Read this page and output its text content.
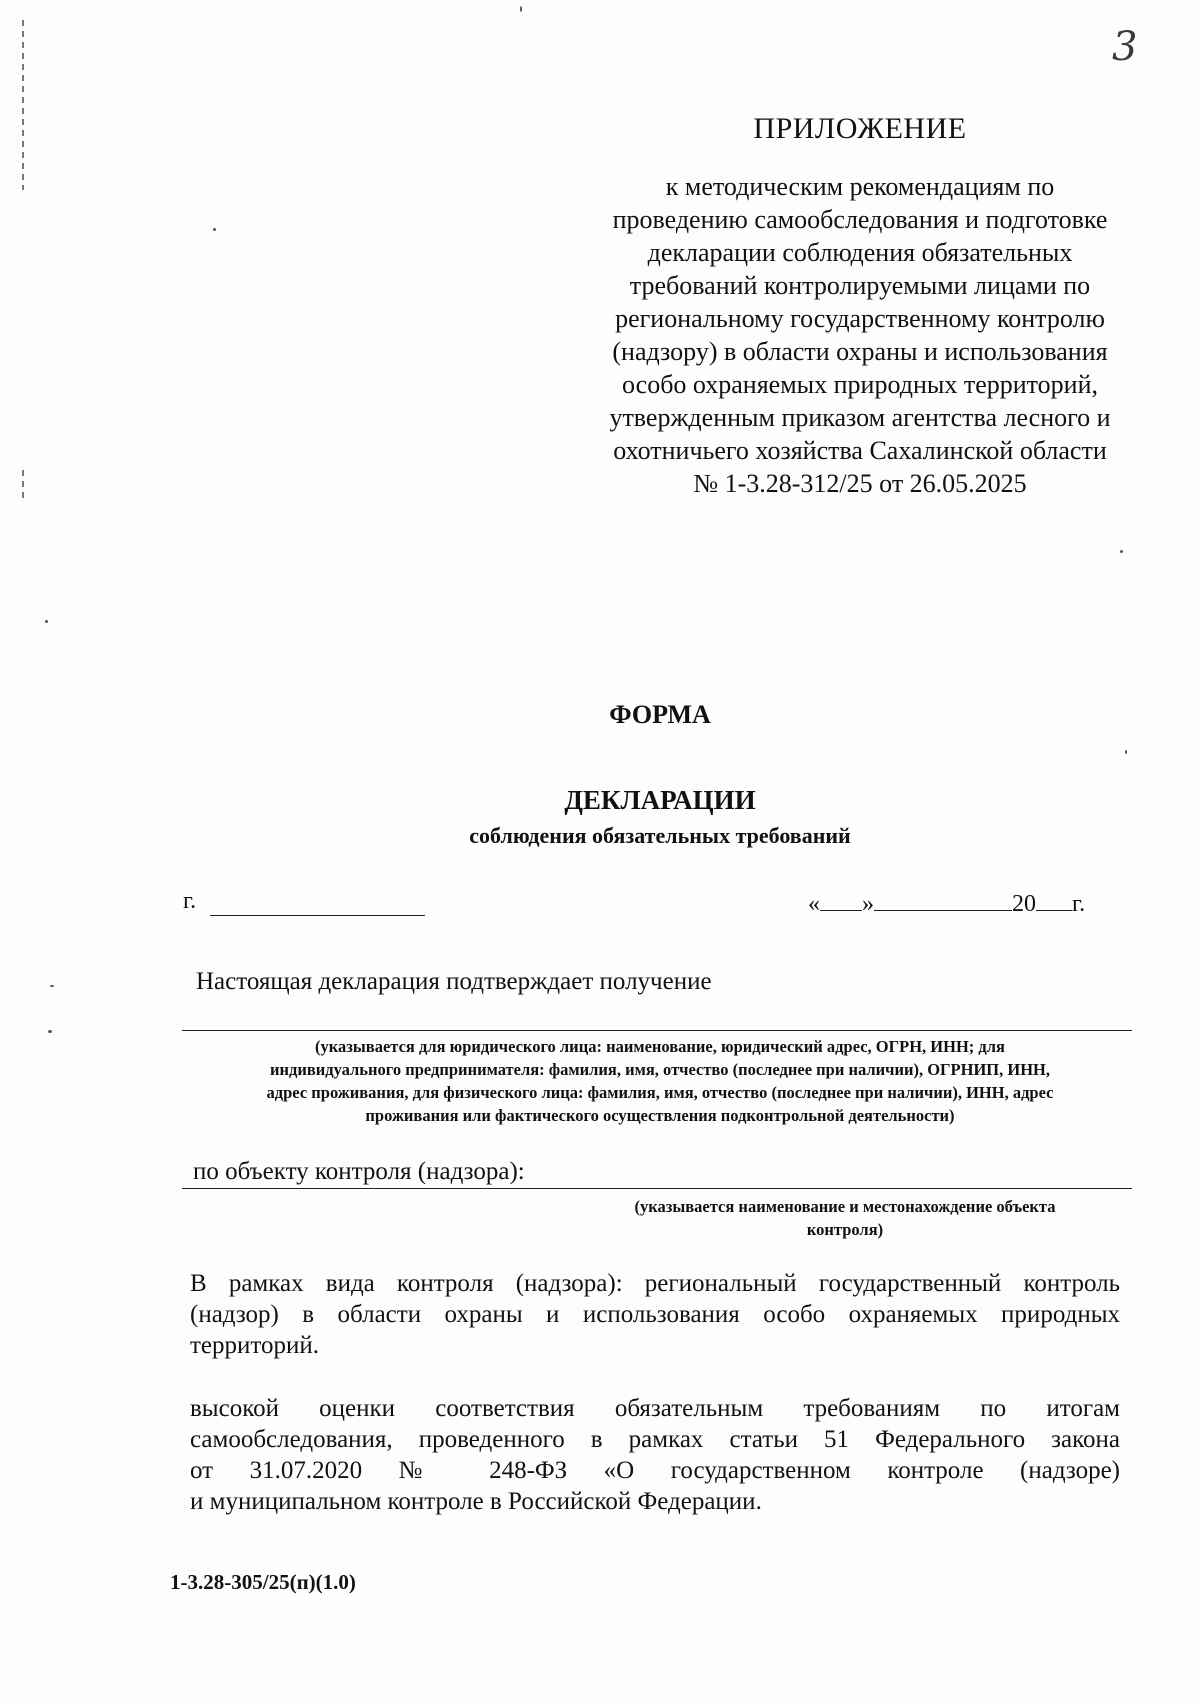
3
ПРИЛОЖЕНИЕ
к методическим рекомендациям по
проведению самообследования и подготовке
декларации соблюдения обязательных
требований контролируемыми лицами по
региональному государственному контролю
(надзору) в области охраны и использования
особо охраняемых природных территорий,
утвержденным приказом агентства лесного и
охотничьего хозяйства Сахалинской области
№ 1-3.28-312/25 от 26.05.2025
ФОРМА
ДЕКЛАРАЦИИ
соблюдения обязательных требований
г.	« »	20 г.
Настоящая декларация подтверждает получение
(указывается для юридического лица: наименование, юридический адрес, ОГРН, ИНН; для
индивидуального предпринимателя: фамилия, имя, отчество (последнее при наличии), ОГРНИП, ИНН,
адрес проживания, для физического лица: фамилия, имя, отчество (последнее при наличии), ИНН, адрес
проживания или фактического осуществления подконтрольной деятельности)
по объекту контроля (надзора):
(указывается наименование и местонахождение объекта
контроля)
В рамках вида контроля (надзора): региональный государственный контроль
(надзор) в области охраны и использования особо охраняемых природных
территорий.
высокой оценки соответствия обязательным требованиям по итогам
самообследования, проведенного в рамках статьи 51 Федерального закона
от 31.07.2020 № 248-ФЗ «О государственном контроле (надзоре)
и муниципальном контроле в Российской Федерации.
1-3.28-305/25(п)(1.0)
